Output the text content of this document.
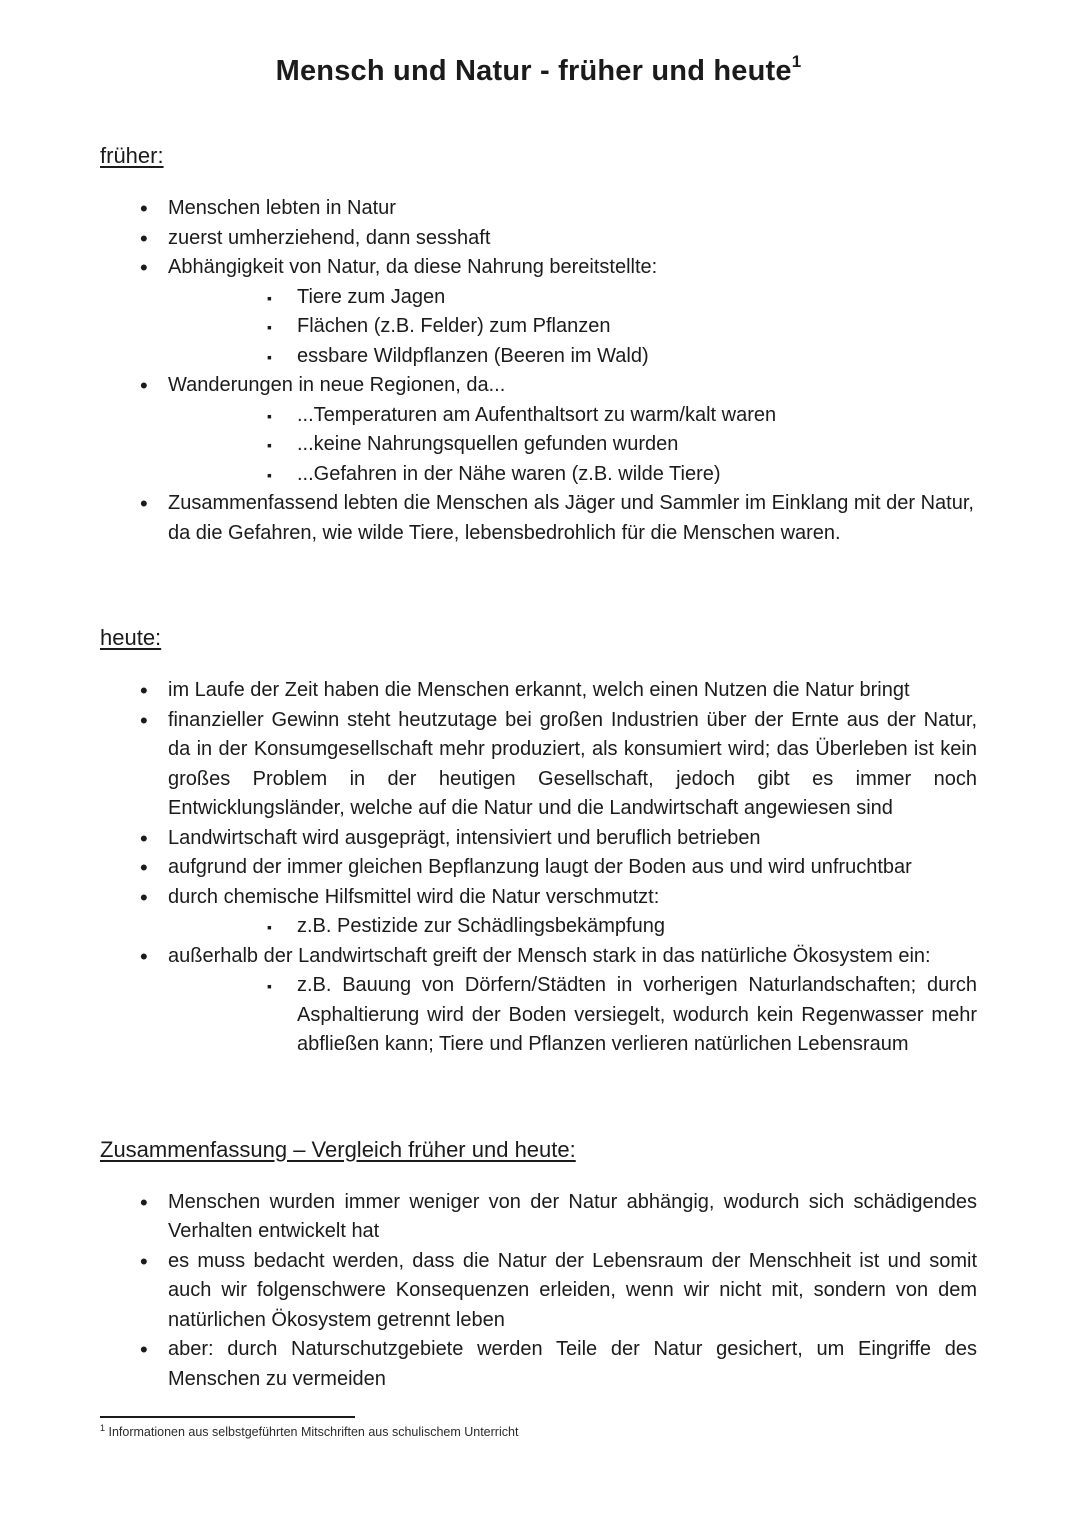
Mensch und Natur - früher und heute$^1$
früher:
• Menschen lebten in Natur
• zuerst umherziehend, dann sesshaft
• Abhängigkeit von Natur, da diese Nahrung bereitstellte:
▪ Tiere zum Jagen
▪ Flächen (z.B. Felder) zum Pflanzen
▪ essbare Wildpflanzen (Beeren im Wald)
• Wanderungen in neue Regionen, da...
▪ ...Temperaturen am Aufenthaltsort zu warm/kalt waren
▪ ...keine Nahrungsquellen gefunden wurden
▪ ...Gefahren in der Nähe waren (z.B. wilde Tiere)
• Zusammenfassend lebten die Menschen als Jäger und Sammler im Einklang mit der Natur, da die Gefahren, wie wilde Tiere, lebensbedrohlich für die Menschen waren.
heute:
• im Laufe der Zeit haben die Menschen erkannt, welch einen Nutzen die Natur bringt
• finanzieller Gewinn steht heutzutage bei großen Industrien über der Ernte aus der Natur, da in der Konsumgesellschaft mehr produziert, als konsumiert wird; das Überleben ist kein großes Problem in der heutigen Gesellschaft, jedoch gibt es immer noch Entwicklungsländer, welche auf die Natur und die Landwirtschaft angewiesen sind
• Landwirtschaft wird ausgeprägt, intensiviert und beruflich betrieben
• aufgrund der immer gleichen Bepflanzung laugt der Boden aus und wird unfruchtbar
• durch chemische Hilfsmittel wird die Natur verschmutzt:
▪ z.B. Pestizide zur Schädlingsbekämpfung
• außerhalb der Landwirtschaft greift der Mensch stark in das natürliche Ökosystem ein:
▪ z.B. Bauung von Dörfern/Städten in vorherigen Naturlandschaften; durch Asphaltierung wird der Boden versiegelt, wodurch kein Regenwasser mehr abfließen kann; Tiere und Pflanzen verlieren natürlichen Lebensraum
Zusammenfassung – Vergleich früher und heute:
• Menschen wurden immer weniger von der Natur abhängig, wodurch sich schädigendes Verhalten entwickelt hat
• es muss bedacht werden, dass die Natur der Lebensraum der Menschheit ist und somit auch wir folgenschwere Konsequenzen erleiden, wenn wir nicht mit, sondern von dem natürlichen Ökosystem getrennt leben
• aber: durch Naturschutzgebiete werden Teile der Natur gesichert, um Eingriffe des Menschen zu vermeiden
$^1$ Informationen aus selbstgeführten Mitschriften aus schulischem Unterricht
